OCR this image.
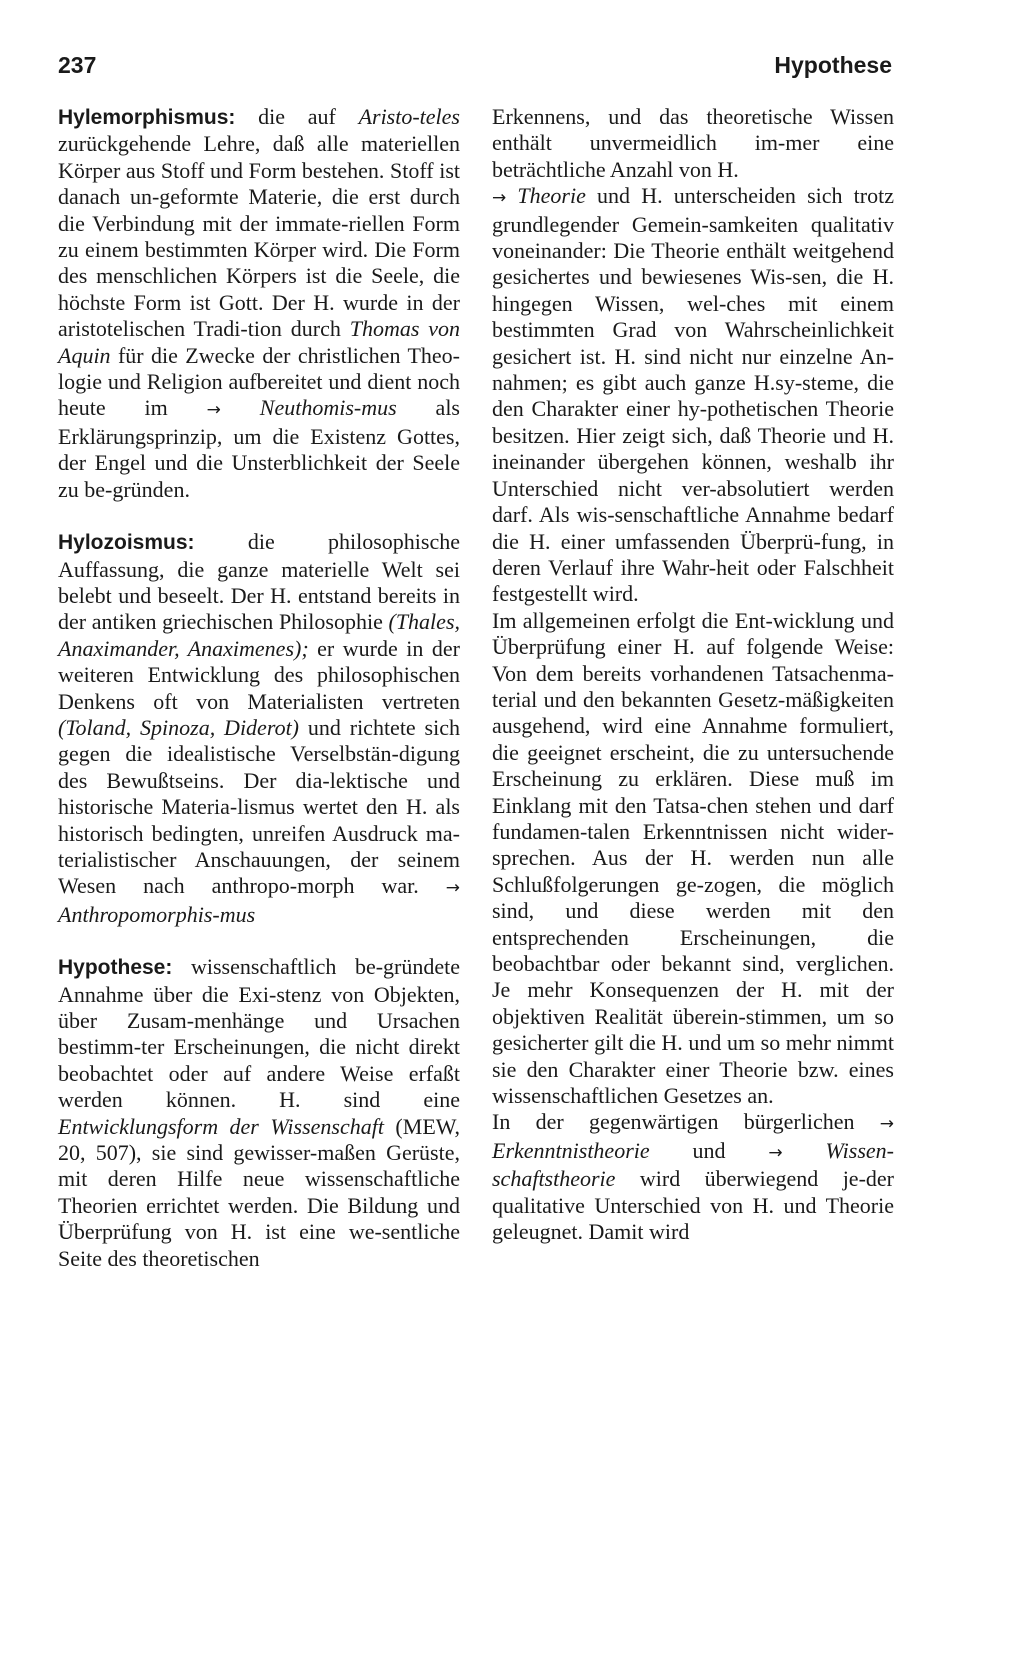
237	Hypothese

Hylemorphismus: die auf Aristo-teles zurückgehende Lehre, daß alle materiellen Körper aus Stoff und Form bestehen. Stoff ist danach un-geformte Materie, die erst durch die Verbindung mit der immate-riellen Form zu einem bestimmten Körper wird. Die Form des menschlichen Körpers ist die Seele, die höchste Form ist Gott. Der H. wurde in der aristotelischen Tradi-tion durch Thomas von Aquin für die Zwecke der christlichen Theo-logie und Religion aufbereitet und dient noch heute im → Neuthomis-mus als Erklärungsprinzip, um die Existenz Gottes, der Engel und die Unsterblichkeit der Seele zu be-gründen.

Hylozoismus: die philosophische Auffassung, die ganze materielle Welt sei belebt und beseelt. Der H. entstand bereits in der antiken griechischen Philosophie (Thales, Anaximander, Anaximenes); er wurde in der weiteren Entwicklung des philosophischen Denkens oft von Materialisten vertreten (Toland, Spinoza, Diderot) und richtete sich gegen die idealistische Verselbstän-digung des Bewußtseins. Der dia-lektische und historische Materia-lismus wertet den H. als historisch bedingten, unreifen Ausdruck ma-terialistischer Anschauungen, der seinem Wesen nach anthropo-morph war. → Anthropomorphis-mus

Hypothese: wissenschaftlich be-gründete Annahme über die Exi-stenz von Objekten, über Zusam-menhänge und Ursachen bestimm-ter Erscheinungen, die nicht direkt beobachtet oder auf andere Weise erfaßt werden können. H. sind eine Entwicklungsform der Wissenschaft (MEW, 20, 507), sie sind gewisser-maßen Gerüste, mit deren Hilfe neue wissenschaftliche Theorien errichtet werden. Die Bildung und Überprüfung von H. ist eine we-sentliche Seite des theoretischen

Erkennens, und das theoretische Wissen enthält unvermeidlich im-mer eine beträchtliche Anzahl von H.

→ Theorie und H. unterscheiden sich trotz grundlegender Gemein-samkeiten qualitativ voneinander: Die Theorie enthält weitgehend gesichertes und bewiesenes Wis-sen, die H. hingegen Wissen, wel-ches mit einem bestimmten Grad von Wahrscheinlichkeit gesichert ist. H. sind nicht nur einzelne An-nahmen; es gibt auch ganze H.sy-steme, die den Charakter einer hy-pothetischen Theorie besitzen. Hier zeigt sich, daß Theorie und H. ineinander übergehen können, weshalb ihr Unterschied nicht ver-absolutiert werden darf. Als wis-senschaftliche Annahme bedarf die H. einer umfassenden Überprü-fung, in deren Verlauf ihre Wahr-heit oder Falschheit festgestellt wird.

Im allgemeinen erfolgt die Ent-wicklung und Überprüfung einer H. auf folgende Weise: Von dem bereits vorhandenen Tatsachenma-terial und den bekannten Gesetz-mäßigkeiten ausgehend, wird eine Annahme formuliert, die geeignet erscheint, die zu untersuchende Erscheinung zu erklären. Diese muß im Einklang mit den Tatsa-chen stehen und darf fundamen-talen Erkenntnissen nicht wider-sprechen. Aus der H. werden nun alle Schlußfolgerungen ge-zogen, die möglich sind, und diese werden mit den entsprechenden Erscheinungen, die beobachtbar oder bekannt sind, verglichen. Je mehr Konsequenzen der H. mit der objektiven Realität überein-stimmen, um so gesicherter gilt die H. und um so mehr nimmt sie den Charakter einer Theorie bzw. eines wissenschaftlichen Gesetzes an.

In der gegenwärtigen bürgerlichen → Erkenntnistheorie und → Wissen-schaftstheorie wird überwiegend je-der qualitative Unterschied von H. und Theorie geleugnet. Damit wird
